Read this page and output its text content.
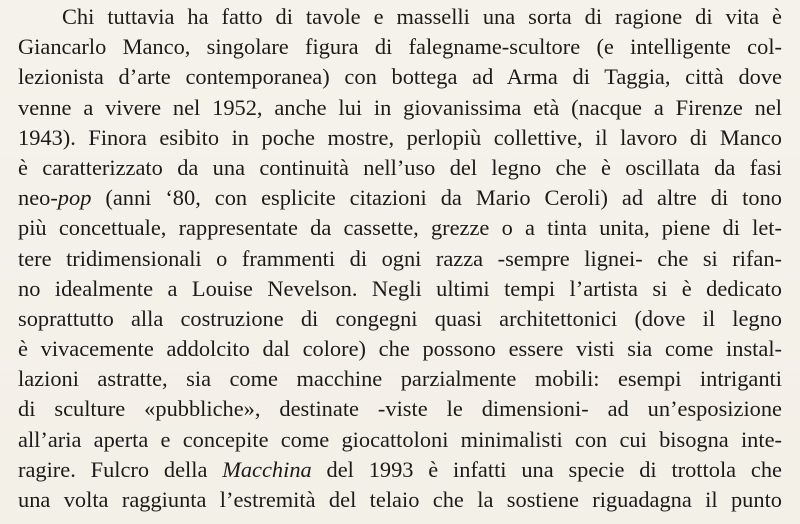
Chi tuttavia ha fatto di tavole e masselli una sorta di ragione di vita è
Giancarlo Manco, singolare figura di falegname-scultore (e intelligente col-
lezionista d’arte contemporanea) con bottega ad Arma di Taggia, città dove
venne a vivere nel 1952, anche lui in giovanissima età (nacque a Firenze nel
1943). Finora esibito in poche mostre, perlopiù collettive, il lavoro di Manco
è caratterizzato da una continuità nell’uso del legno che è oscillata da fasi
neo-pop (anni ‘80, con esplicite citazioni da Mario Ceroli) ad altre di tono
più concettuale, rappresentate da cassette, grezze o a tinta unita, piene di let-
tere tridimensionali o frammenti di ogni razza -sempre lignei- che si rifan-
no idealmente a Louise Nevelson. Negli ultimi tempi l’artista si è dedicato
soprattutto alla costruzione di congegni quasi architettonici (dove il legno
è vivacemente addolcito dal colore) che possono essere visti sia come instal-
lazioni astratte, sia come macchine parzialmente mobili: esempi intriganti
di sculture «pubbliche», destinate -viste le dimensioni- ad un’esposizione
all’aria aperta e concepite come giocattoloni minimalisti con cui bisogna inte-
ragire. Fulcro della Macchina del 1993 è infatti una specie di trottola che
una volta raggiunta l’estremità del telaio che la sostiene riguadagna il punto
